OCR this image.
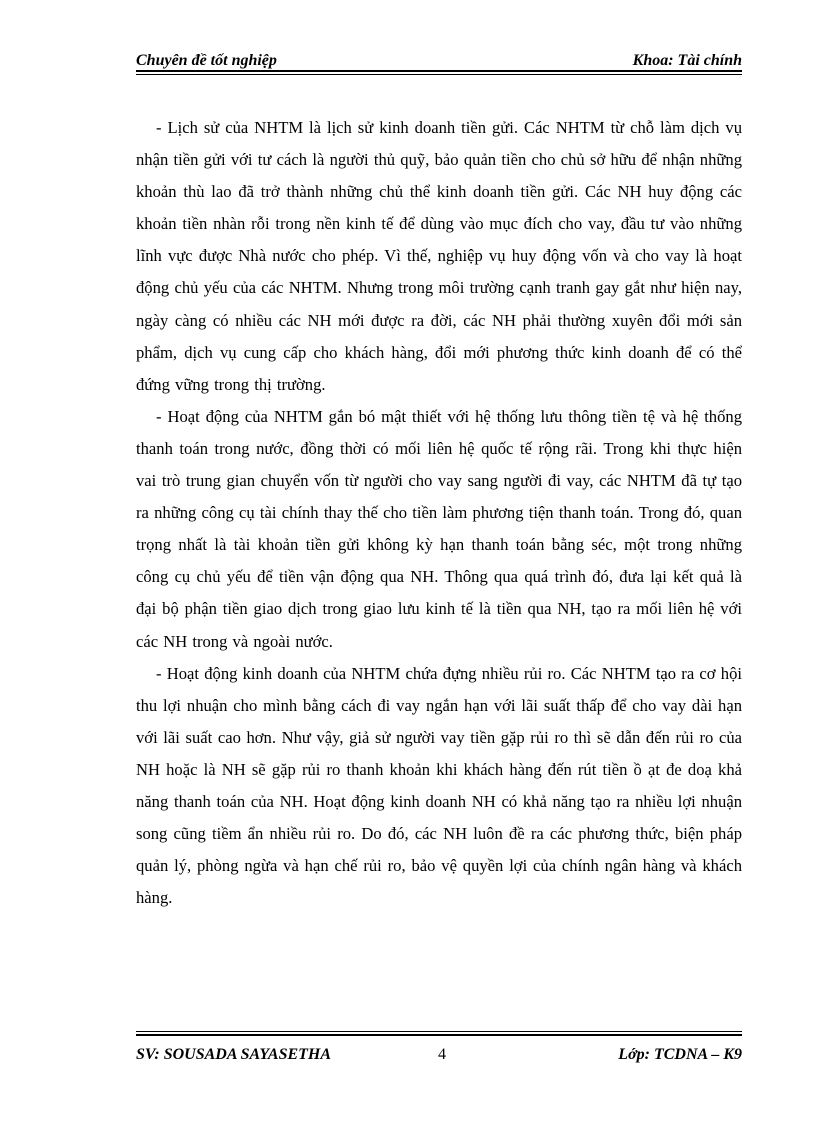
Chuyên đề tốt nghiệp	Khoa: Tài chính

- Lịch sử của NHTM là lịch sử kinh doanh tiền gửi. Các NHTM từ chỗ làm dịch vụ nhận tiền gửi với tư cách là người thủ quỹ, bảo quản tiền cho chủ sở hữu để nhận những khoản thù lao đã trở thành những chủ thể kinh doanh tiền gửi. Các NH huy động các khoản tiền nhàn rỗi trong nền kinh tế để dùng vào mục đích cho vay, đầu tư vào những lĩnh vực được Nhà nước cho phép. Vì thế, nghiệp vụ huy động vốn và cho vay là hoạt động chủ yếu của các NHTM. Nhưng trong môi trường cạnh tranh gay gắt như hiện nay, ngày càng có nhiều các NH mới được ra đời, các NH phải thường xuyên đổi mới sản phẩm, dịch vụ cung cấp cho khách hàng, đổi mới phương thức kinh doanh để có thể đứng vững trong thị trường.

- Hoạt động của NHTM gắn bó mật thiết với hệ thống lưu thông tiền tệ và hệ thống thanh toán trong nước, đồng thời có mối liên hệ quốc tế rộng rãi. Trong khi thực hiện vai trò trung gian chuyển vốn từ người cho vay sang người đi vay, các NHTM đã tự tạo ra những công cụ tài chính thay thế cho tiền làm phương tiện thanh toán. Trong đó, quan trọng nhất là tài khoản tiền gửi không kỳ hạn thanh toán bằng séc, một trong những công cụ chủ yếu để tiền vận động qua NH. Thông qua quá trình đó, đưa lại kết quả là đại bộ phận tiền giao dịch trong giao lưu kinh tế là tiền qua NH, tạo ra mối liên hệ với các NH trong và ngoài nước.

- Hoạt động kinh doanh của NHTM chứa đựng nhiều rủi ro. Các NHTM tạo ra cơ hội thu lợi nhuận cho mình bằng cách đi vay ngắn hạn với lãi suất thấp để cho vay dài hạn với lãi suất cao hơn. Như vậy, giả sử người vay tiền gặp rủi ro thì sẽ dẫn đến rủi ro của NH hoặc là NH sẽ gặp rủi ro thanh khoản khi khách hàng đến rút tiền ồ ạt đe doạ khả năng thanh toán của NH. Hoạt động kinh doanh NH có khả năng tạo ra nhiều lợi nhuận song cũng tiềm ẩn nhiều rủi ro. Do đó, các NH luôn đề ra các phương thức, biện pháp quản lý, phòng ngừa và hạn chế rủi ro, bảo vệ quyền lợi của chính ngân hàng và khách hàng.

SV: SOUSADA SAYASETHA	4	Lớp: TCDNA – K9
